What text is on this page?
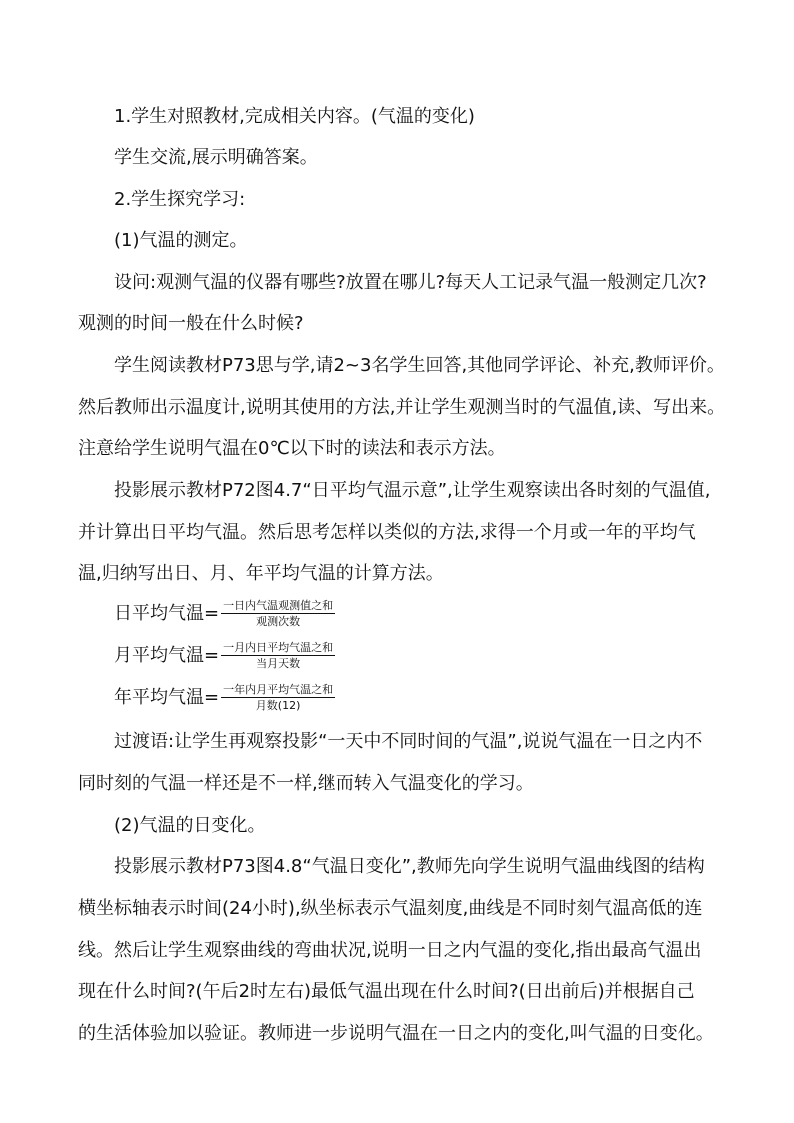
1.学生对照教材,完成相关内容。(气温的变化)
学生交流,展示明确答案。
2.学生探究学习:
(1)气温的测定。
设问:观测气温的仪器有哪些?放置在哪儿?每天人工记录气温一般测定几次?
观测的时间一般在什么时候?
学生阅读教材P73思与学,请2~3名学生回答,其他同学评论、补充,教师评价。
然后教师出示温度计,说明其使用的方法,并让学生观测当时的气温值,读、写出来。
注意给学生说明气温在0℃以下时的读法和表示方法。
投影展示教材P72图4.7“日平均气温示意”,让学生观察读出各时刻的气温值,
并计算出日平均气温。然后思考怎样以类似的方法,求得一个月或一年的平均气
温,归纳写出日、月、年平均气温的计算方法。
日平均气温= $\frac{\text{一日内气温观测值之和}}{\text{观测次数}}$
月平均气温= $\frac{\text{一月内日平均气温之和}}{\text{当月天数}}$
年平均气温= $\frac{\text{一年内月平均气温之和}}{\text{月数(12)}}$
过渡语:让学生再观察投影“一天中不同时间的气温”,说说气温在一日之内不
同时刻的气温一样还是不一样,继而转入气温变化的学习。
(2)气温的日变化。
投影展示教材P73图4.8“气温日变化”,教师先向学生说明气温曲线图的结构
横坐标轴表示时间(24小时),纵坐标表示气温刻度,曲线是不同时刻气温高低的连
线。然后让学生观察曲线的弯曲状况,说明一日之内气温的变化,指出最高气温出
现在什么时间?(午后2时左右)最低气温出现在什么时间?(日出前后)并根据自己
的生活体验加以验证。教师进一步说明气温在一日之内的变化,叫气温的日变化。
